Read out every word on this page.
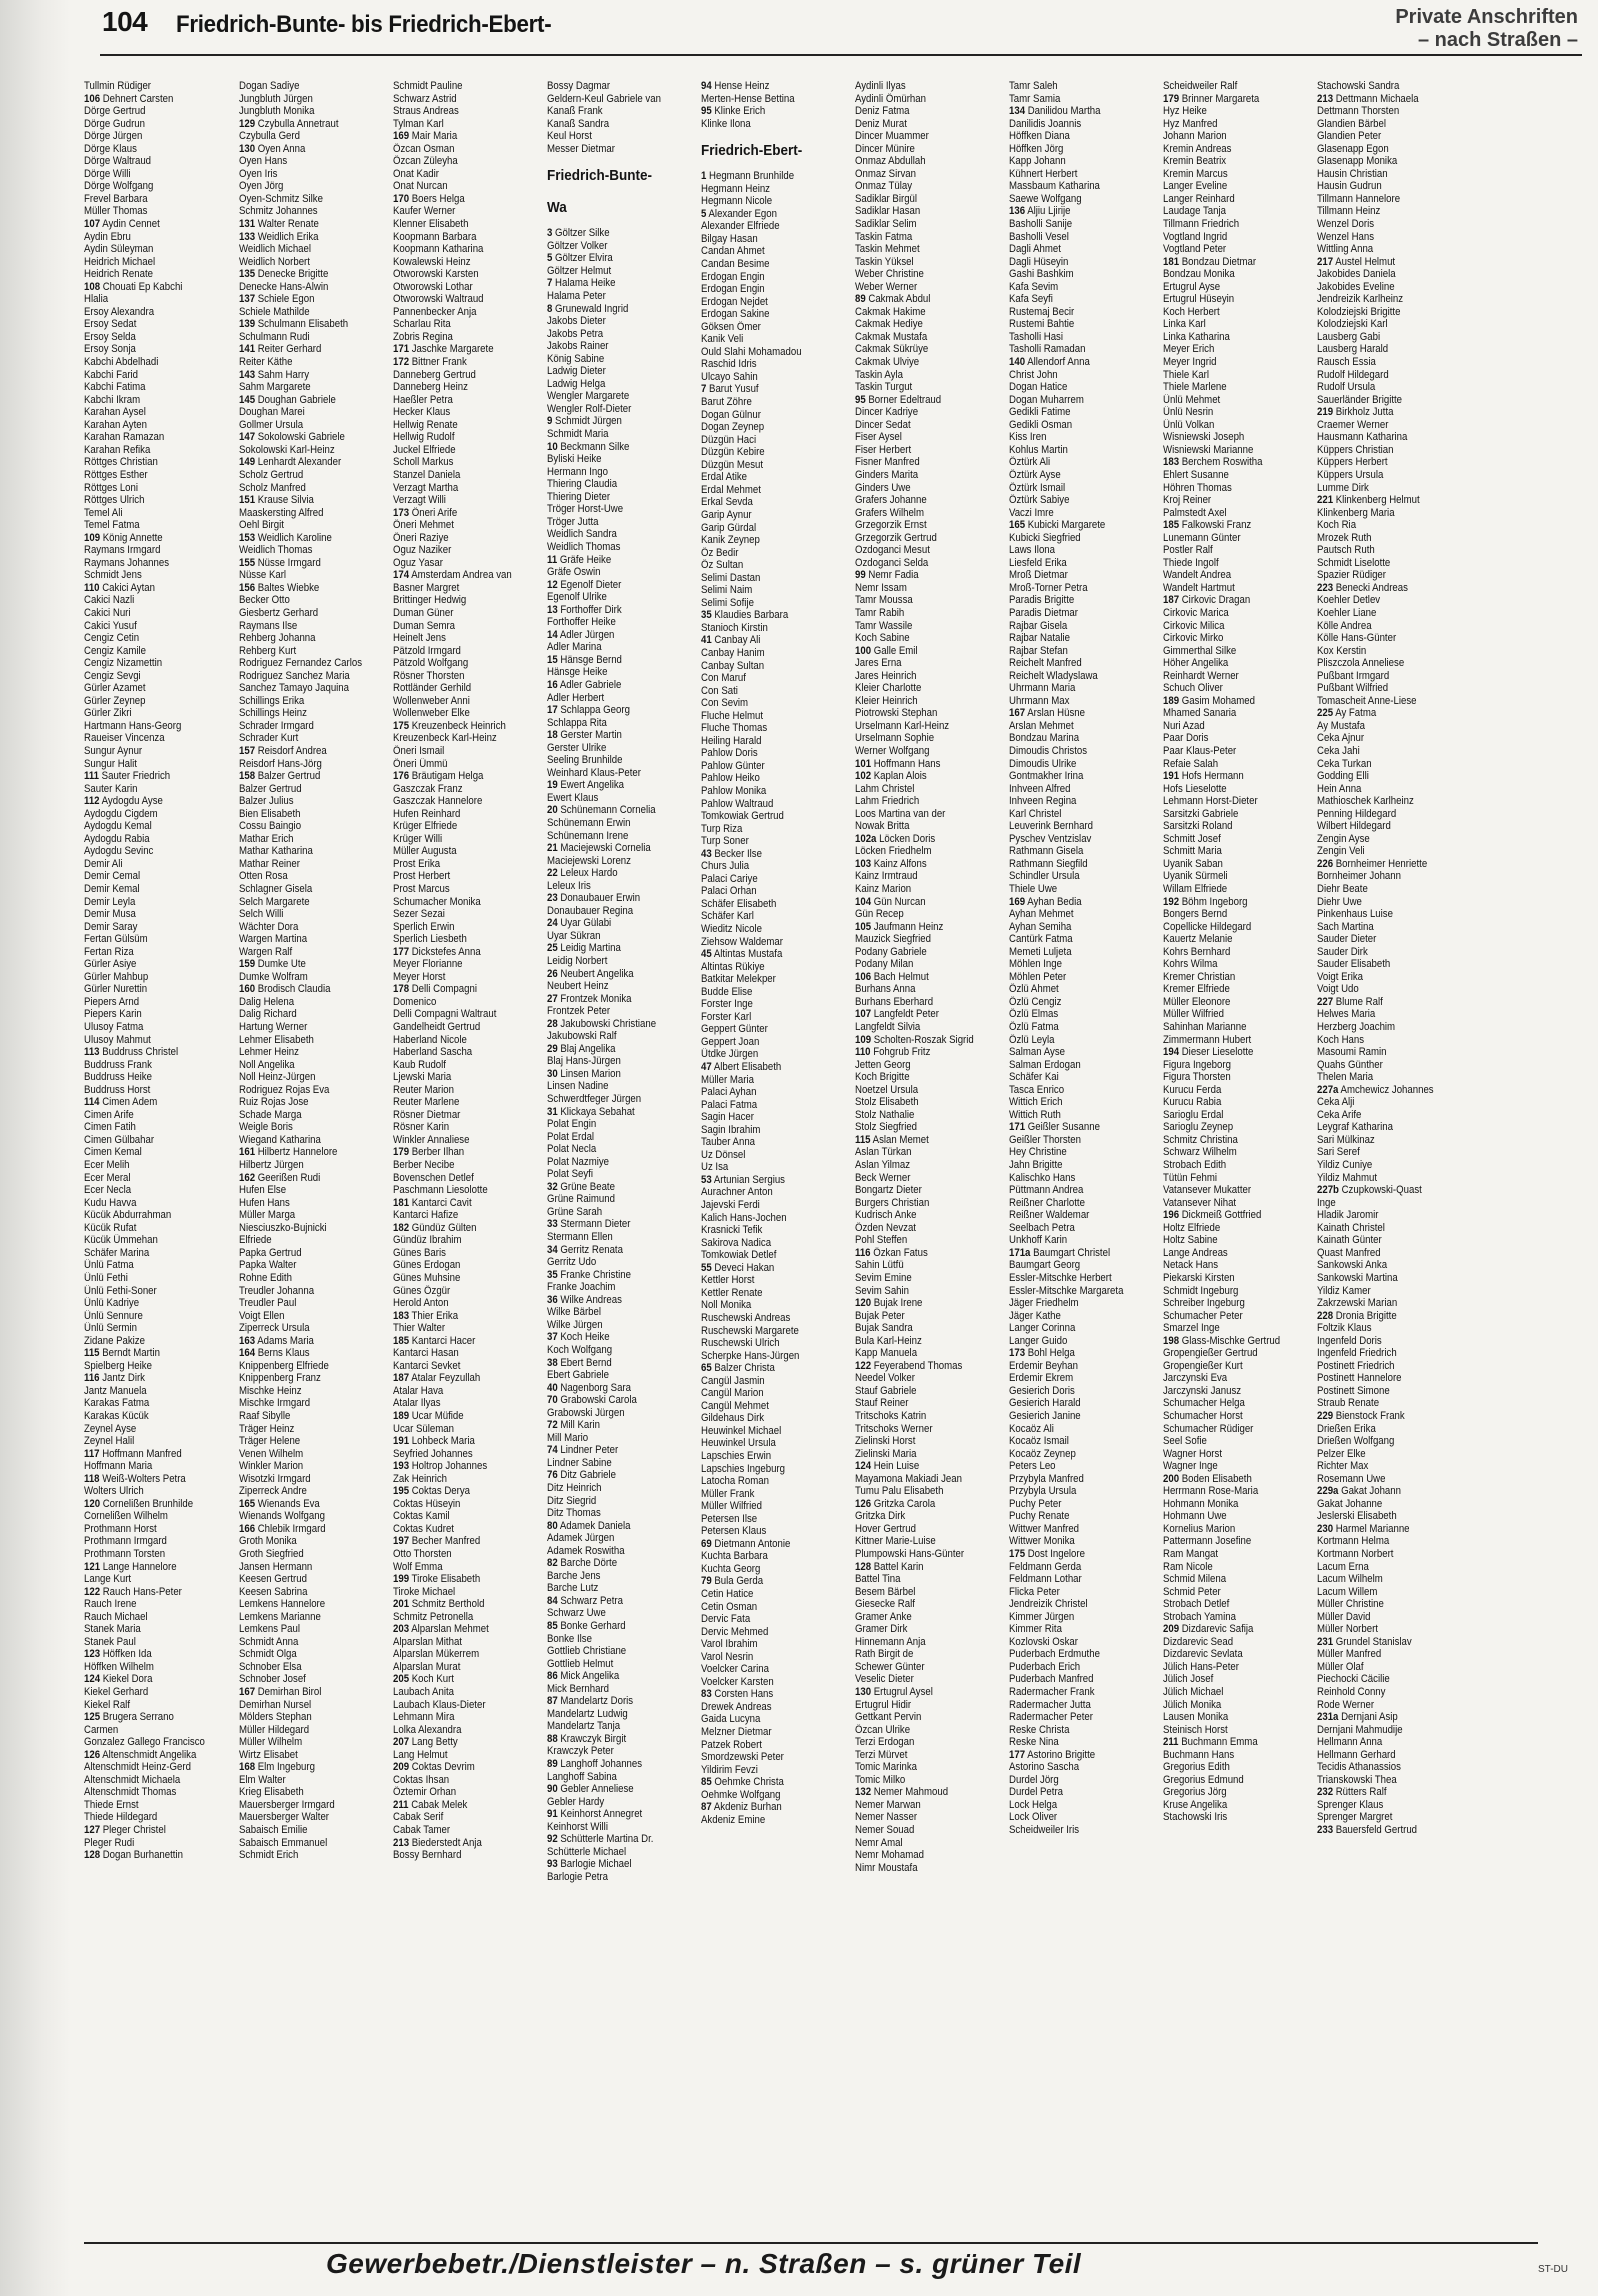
104 Friedrich-Bunte- bis Friedrich-Ebert-	Private Anschriften
– nach Straßen –
Tullmin Rüdiger
106 Dehnert Carsten
Dörge Gertrud
Dörge Gudrun
Dörge Jürgen
Dörge Klaus
Dörge Waltraud
Dörge Willi
Dörge Wolfgang
Frevel Barbara
Müller Thomas
107 Aydin Cennet
Aydin Ebru
Aydin Süleyman
Heidrich Michael
Heidrich Renate
108 Chouati Ep Kabchi
Hlalia
Ersoy Alexandra
Ersoy Sedat
Ersoy Selda
Ersoy Sonja
Kabchi Abdelhadi
Kabchi Farid
Kabchi Fatima
Kabchi Ikram
Karahan Aysel
Karahan Ayten
Karahan Ramazan
Karahan Refika
Röttges Christian
Röttges Esther
Röttges Loni
Röttges Ulrich
Temel Ali
Temel Fatma
109 König Annette
Raymans Irmgard
Raymans Johannes
Schmidt Jens
110 Cakici Aytan
Cakici Nazli
Cakici Nuri
Cakici Yusuf
Cengiz Cetin
Cengiz Kamile
Cengiz Nizamettin
Cengiz Sevgi
Gürler Azamet
Gürler Zeynep
Gürler Zikri
Hartmann Hans-Georg
Raueiser Vincenza
Sungur Aynur
Sungur Halit
111 Sauter Friedrich
Sauter Karin
112 Aydogdu Ayse
Aydogdu Cigdem
Aydogdu Kemal
Aydogdu Rabia
Aydogdu Sevinc
Demir Ali
Demir Cemal
Demir Kemal
Demir Leyla
Demir Musa
Demir Saray
Fertan Gülsüm
Fertan Riza
Gürler Asiye
Gürler Mahbup
Gürler Nurettin
Piepers Arnd
Piepers Karin
Ulusoy Fatma
Ulusoy Mahmut
113 Buddruss Christel
Buddruss Frank
Buddruss Heike
Buddruss Horst
114 Cimen Adem
Cimen Arife
Cimen Fatih
Cimen Gülbahar
Cimen Kemal
Ecer Melih
Ecer Meral
Ecer Necla
Kudu Havva
Kücük Abdurrahman
Kücük Rufat
Kücük Ümmehan
Schäfer Marina
Ünlü Fatma
Ünlü Fethi
Ünlü Fethi-Soner
Ünlü Kadriye
Ünlü Sennure
Ünlü Sermin
Zidane Pakize
115 Berndt Martin
Spielberg Heike
116 Jantz Dirk
Jantz Manuela
Karakas Fatma
Karakas Kücük
Zeynel Ayse
Zeynel Halil
117 Hoffmann Manfred
Hoffmann Maria
118 Weiß-Wolters Petra
Wolters Ulrich
120 Cornelißen Brunhilde
Cornelißen Wilhelm
Prothmann Horst
Prothmann Irmgard
Prothmann Torsten
121 Lange Hannelore
Lange Kurt
122 Rauch Hans-Peter
Rauch Irene
Rauch Michael
Stanek Maria
Stanek Paul
123 Höffken Ida
Höffken Wilhelm
124 Kiekel Dora
Kiekel Gerhard
Kiekel Ralf
125 Brugera Serrano
Carmen
Gonzalez Gallego Francisco
126 Altenschmidt Angelika
Altenschmidt Heinz-Gerd
Altenschmidt Michaela
Altenschmidt Thomas
Thiede Ernst
Thiede Hildegard
127 Pleger Christel
Pleger Rudi
128 Dogan Burhanettin
Dogan Sadiye
Jungbluth Jürgen
Jungbluth Monika
129 Czybulla Annetraut
Czybulla Gerd
130 Oyen Anna
Oyen Hans
Oyen Iris
Oyen Jörg
Oyen-Schmitz Silke
Schmitz Johannes
131 Walter Renate
133 Weidlich Erika
Weidlich Michael
Weidlich Norbert
135 Denecke Brigitte
Denecke Hans-Alwin
137 Schiele Egon
Schiele Mathilde
139 Schulmann Elisabeth
Schulmann Rudi
141 Reiter Gerhard
Reiter Käthe
143 Sahm Harry
Sahm Margarete
145 Doughan Gabriele
Doughan Marei
Gollmer Ursula
147 Sokolowski Gabriele
Sokolowski Karl-Heinz
149 Lenhardt Alexander
Scholz Gertrud
Scholz Manfred
151 Krause Silvia
Maaskersting Alfred
Oehl Birgit
153 Weidlich Karoline
Weidlich Thomas
155 Nüsse Irmgard
Nüsse Karl
156 Baltes Wiebke
Becker Otto
Giesbertz Gerhard
Raymans Ilse
Rehberg Johanna
Rehberg Kurt
Rodriguez Fernandez Carlos
Rodriguez Sanchez Maria
Sanchez Tamayo Jaquina
Schillings Erika
Schillings Heinz
Schrader Irmgard
Schrader Kurt
157 Reisdorf Andrea
Reisdorf Hans-Jörg
158 Balzer Gertrud
Balzer Gertrud
Balzer Julius
Bien Elisabeth
Cossu Baingio
Mathar Erich
Mathar Katharina
Mathar Reiner
Otten Rosa
Schlagner Gisela
Selch Margarete
Selch Willi
Wächter Dora
Wargen Martina
Wargen Ralf
159 Dumke Ute
Dumke Wolfram
160 Brodisch Claudia
Dalig Helena
Dalig Richard
Hartung Werner
Lehmer Elisabeth
Lehmer Heinz
Noll Angelika
Noll Heinz-Jürgen
Rodriguez Rojas Eva
Ruiz Rojas Jose
Schade Marga
Weigle Boris
Wiegand Katharina
161 Hilbertz Hannelore
Hilbertz Jürgen
162 Geerißen Rudi
Hufen Else
Hufen Hans
Müller Marga
Niesciuszko-Bujnicki
Elfriede
Papka Gertrud
Papka Walter
Rohne Edith
Treudler Johanna
Treudler Paul
Voigt Ellen
Ziperreck Ursula
163 Adams Maria
164 Berns Klaus
Knippenberg Elfriede
Knippenberg Franz
Mischke Heinz
Mischke Irmgard
Raaf Sibylle
Träger Heinz
Träger Helene
Venen Wilhelm
Winkler Marion
Wisotzki Irmgard
Ziperreck Andre
165 Wienands Eva
Wienands Wolfgang
166 Chlebik Irmgard
Groth Monika
Groth Siegfried
Jansen Hermann
Keesen Gertrud
Keesen Sabrina
Lemkens Hannelore
Lemkens Marianne
Lemkens Paul
Schmidt Anna
Schmidt Olga
Schnober Elsa
Schnober Josef
167 Demirhan Birol
Demirhan Nursel
Mölders Stephan
Müller Hildegard
Müller Wilhelm
Wirtz Elisabet
168 Elm Ingeburg
Elm Walter
Krieg Elisabeth
Mauersberger Irmgard
Mauersberger Walter
Sabaisch Emilie
Sabaisch Emmanuel
Schmidt Erich
Schmidt Pauline
Schwarz Astrid
Straus Andreas
Tylman Karl
169 Mair Maria
Özcan Osman
Özcan Züleyha
Onat Kadir
Onat Nurcan
170 Boers Helga
Kaufer Werner
Klenner Elisabeth
Koopmann Barbara
Koopmann Katharina
Kowalewski Heinz
Otworowski Karsten
Otworowski Lothar
Otworowski Waltraud
Pannenbecker Anja
Scharlau Rita
Zobris Regina
171 Jaschke Margarete
172 Bittner Frank
Danneberg Gertrud
Danneberg Heinz
Haeßler Petra
Hecker Klaus
Hellwig Renate
Hellwig Rudolf
Juckel Elfriede
Scholl Markus
Stanzel Daniela
Verzagt Martha
Verzagt Willi
173 Öneri Arife
Öneri Mehmet
Öneri Raziye
Oguz Naziker
Oguz Yasar
174 Amsterdam Andrea van
Basner Margret
Brittinger Hedwig
Duman Güner
Duman Semra
Heinelt Jens
Pätzold Irmgard
Pätzold Wolfgang
Rösner Thorsten
Rottländer Gerhild
Wollenweber Anni
Wollenweber Elke
175 Kreuzenbeck Heinrich
Kreuzenbeck Karl-Heinz
Öneri Ismail
Öneri Ümmü
176 Bräutigam Helga
Gaszczak Franz
Gaszczak Hannelore
Hufen Reinhard
Krüger Elfriede
Krüger Willi
Müller Augusta
Prost Erika
Prost Herbert
Prost Marcus
Schumacher Monika
Sezer Sezai
Sperlich Erwin
Sperlich Liesbeth
177 Dickstefes Anna
Meyer Florianne
Meyer Horst
178 Delli Compagni
Domenico
Delli Compagni Waltraut
Gandelheidt Gertrud
Haberland Nicole
Haberland Sascha
Kaub Rudolf
Ljewski Maria
Reuter Marion
Reuter Marlene
Rösner Dietmar
Rösner Karin
Winkler Annaliese
179 Berber Ilhan
Berber Necibe
Bovenschen Detlef
Paschmann Liesolotte
181 Kantarci Cavit
Kantarci Hafize
182 Gündüz Gülten
Gündüz Ibrahim
Günes Baris
Günes Erdogan
Günes Muhsine
Günes Özgür
Herold Anton
183 Thier Erika
Thier Walter
185 Kantarci Hacer
Kantarci Hasan
Kantarci Sevket
187 Atalar Feyzullah
Atalar Hava
Atalar Ilyas
189 Ucar Müfide
Ucar Süleman
191 Lohbeck Maria
Seyfried Johannes
193 Holtrop Johannes
Zak Heinrich
195 Coktas Derya
Coktas Hüseyin
Coktas Kamil
Coktas Kudret
197 Becher Manfred
Otto Thorsten
Wolf Emma
199 Tiroke Elisabeth
Tiroke Michael
201 Schmitz Berthold
Schmitz Petronella
203 Alparslan Mehmet
Alparslan Mithat
Alparslan Mükerrem
Alparslan Murat
205 Koch Kurt
Laubach Anita
Laubach Klaus-Dieter
Lehmann Mira
Lolka Alexandra
207 Lang Betty
Lang Helmut
209 Coktas Devrim
Coktas Ihsan
Öztemir Orhan
211 Cabak Melek
Cabak Serif
Cabak Tamer
213 Biederstedt Anja
Bossy Bernhard
Bossy Dagmar
Geldern-Keul Gabriele van
Kanaß Frank
Kanaß Sandra
Keul Horst
Messer Dietmar
Friedrich-Bunte-
Wa
3 Göltzer Silke
Göltzer Volker
5 Göltzer Elvira
Göltzer Helmut
7 Halama Heike
Halama Peter
8 Grunewald Ingrid
Jakobs Dieter
Jakobs Petra
Jakobs Rainer
König Sabine
Ladwig Dieter
Ladwig Helga
Wengler Margarete
Wengler Rolf-Dieter
9 Schmidt Jürgen
Schmidt Maria
10 Beckmann Silke
Byliski Heike
Hermann Ingo
Thiering Claudia
Thiering Dieter
Tröger Horst-Uwe
Tröger Jutta
Weidlich Sandra
Weidlich Thomas
11 Gräfe Heike
Gräfe Oswin
12 Egenolf Dieter
Egenolf Ulrike
13 Forthoffer Dirk
Forthoffer Heike
14 Adler Jürgen
Adler Marina
15 Hänsge Bernd
Hänsge Heike
16 Adler Gabriele
Adler Herbert
17 Schlappa Georg
Schlappa Rita
18 Gerster Martin
Gerster Ulrike
Seeling Brunhilde
Weinhard Klaus-Peter
19 Ewert Angelika
Ewert Klaus
20 Schünemann Cornelia
Schünemann Erwin
Schünemann Irene
21 Maciejewski Cornelia
Maciejewski Lorenz
22 Leleux Hardo
Leleux Iris
23 Donaubauer Erwin
Donaubauer Regina
24 Uyar Gülabi
Uyar Sükran
25 Leidig Martina
Leidig Norbert
26 Neubert Angelika
Neubert Heinz
27 Frontzek Monika
Frontzek Peter
28 Jakubowski Christiane
Jakubowski Ralf
29 Blaj Angelika
Blaj Hans-Jürgen
30 Linsen Marion
Linsen Nadine
Schwerdtfeger Jürgen
31 Klickaya Sebahat
Polat Engin
Polat Erdal
Polat Necla
Polat Nazmiye
Polat Seyfi
32 Grüne Beate
Grüne Raimund
Grüne Sarah
33 Stermann Dieter
Stermann Ellen
34 Gerritz Renata
Gerritz Udo
35 Franke Christine
Franke Joachim
36 Wilke Andreas
Wilke Bärbel
Wilke Jürgen
37 Koch Heike
Koch Wolfgang
38 Ebert Bernd
Ebert Gabriele
40 Nagenborg Sara
70 Grabowski Carola
Grabowski Jürgen
72 Mill Karin
Mill Mario
74 Lindner Peter
Lindner Sabine
76 Ditz Gabriele
Ditz Heinrich
Ditz Siegrid
Ditz Thomas
80 Adamek Daniela
Adamek Jürgen
Adamek Roswitha
82 Barche Dörte
Barche Jens
Barche Lutz
84 Schwarz Petra
Schwarz Uwe
85 Bonke Gerhard
Bonke Ilse
Gottlieb Christiane
Gottlieb Helmut
86 Mick Angelika
Mick Bernhard
87 Mandelartz Doris
Mandelartz Ludwig
Mandelartz Tanja
88 Krawczyk Birgit
Krawczyk Peter
89 Langhoff Johannes
Langhoff Sabina
90 Gebler Anneliese
Gebler Hardy
91 Keinhorst Annegret
Keinhorst Willi
92 Schütterle Martina Dr.
Schütterle Michael
93 Barlogie Michael
Barlogie Petra
94 Hense Heinz
Merten-Hense Bettina
95 Klinke Erich
Klinke Ilona
Friedrich-Ebert-
1 Hegmann Brunhilde
Hegmann Heinz
Hegmann Nicole
5 Alexander Egon
Alexander Elfriede
Bilgay Hasan
Candan Ahmet
Candan Besime
Erdogan Engin
Erdogan Engin
Erdogan Nejdet
Erdogan Sakine
Göksen Ömer
Kanik Veli
Ould Slahi Mohamadou
Raschid Idris
Ulcayo Sahin
7 Barut Yusuf
Barut Zöhre
Dogan Gülnur
Dogan Zeynep
Düzgün Haci
Düzgün Kebire
Düzgün Mesut
Erdal Atike
Erdal Mehmet
Erkal Sevda
Garip Aynur
Garip Gürdal
Kanik Zeynep
Öz Bedir
Öz Sultan
Selimi Dastan
Selimi Naim
Selimi Sofije
35 Klaudies Barbara
Stanioch Kirstin
41 Canbay Ali
Canbay Hanim
Canbay Sultan
Con Maruf
Con Sati
Con Sevim
Fluche Helmut
Fluche Thomas
Heiling Harald
Pahlow Doris
Pahlow Günter
Pahlow Heiko
Pahlow Monika
Pahlow Waltraud
Tomkowiak Gertrud
Turp Riza
Turp Soner
43 Becker Ilse
Churs Julia
Palaci Cariye
Palaci Orhan
Schäfer Elisabeth
Schäfer Karl
Wieditz Nicole
Ziehsow Waldemar
45 Altintas Mustafa
Altintas Rükiye
Batkitar Melekper
Budde Elise
Forster Inge
Forster Karl
Geppert Günter
Geppert Joan
Ütdke Jürgen
47 Albert Elisabeth
Müller Maria
Palaci Ayhan
Palaci Fatma
Sagin Hacer
Sagin Ibrahim
Tauber Anna
Uz Dönsel
Uz Isa
53 Artunian Sergius
Aurachner Anton
Jajevski Ferdi
Kalich Hans-Jochen
Krasnicki Tefik
Sakirova Nadica
Tomkowiak Detlef
55 Deveci Hakan
Kettler Horst
Kettler Renate
Noll Monika
Ruschewski Andreas
Ruschewski Margarete
Ruschewski Ulrich
Scherpke Hans-Jürgen
65 Balzer Christa
Cangül Jasmin
Cangül Marion
Cangül Mehmet
Gildehaus Dirk
Heuwinkel Michael
Heuwinkel Ursula
Lapschies Erwin
Lapschies Ingeburg
Latocha Roman
Müller Frank
Müller Wilfried
Petersen Ilse
Petersen Klaus
69 Dietmann Antonie
Kuchta Barbara
Kuchta Georg
79 Bula Gerda
Cetin Hatice
Cetin Osman
Dervic Fata
Dervic Mehmed
Varol Ibrahim
Varol Nesrin
Voelcker Carina
Voelcker Karsten
83 Corsten Hans
Drewek Andreas
Gaida Lucyna
Melzner Dietmar
Patzek Robert
Smordzewski Peter
Yildirim Fevzi
85 Oehmke Christa
Oehmke Wolfgang
87 Akdeniz Burhan
Akdeniz Emine
Aydinli Ilyas
Aydinli Ömürhan
Deniz Fatma
Deniz Murat
Dincer Muammer
Dincer Münire
Onmaz Abdullah
Onmaz Sirvan
Onmaz Tülay
Sadiklar Birgül
Sadiklar Hasan
Sadiklar Selim
Taskin Fatma
Taskin Mehmet
Taskin Yüksel
Weber Christine
Weber Werner
89 Cakmak Abdul
Cakmak Hakime
Cakmak Hediye
Cakmak Mustafa
Cakmak Sükrüye
Cakmak Ulviye
Taskin Ayla
Taskin Turgut
95 Borner Edeltraud
Dincer Kadriye
Dincer Sedat
Fiser Aysel
Fiser Herbert
Fisner Manfred
Ginders Marita
Ginders Uwe
Grafers Johanne
Grafers Wilhelm
Grzegorzik Ernst
Grzegorzik Gertrud
Ozdoganci Mesut
Ozdoganci Selda
99 Nemr Fadia
Nemr Issam
Tamr Moussa
Tamr Rabih
Tamr Wassile
Koch Sabine
100 Galle Emil
Jares Erna
Jares Heinrich
Kleier Charlotte
Kleier Heinrich
Piotrowski Stephan
Urselmann Karl-Heinz
Urselmann Sophie
Werner Wolfgang
101 Hoffmann Hans
102 Kaplan Alois
Lahm Christel
Lahm Friedrich
Loos Martina van der
Nowak Britta
102a Löcken Doris
Löcken Friedhelm
103 Kainz Alfons
Kainz Irmtraud
Kainz Marion
104 Gün Nurcan
Gün Recep
105 Jaufmann Heinz
Mauzick Siegfried
Podany Gabriele
Podany Milan
106 Bach Helmut
Burhans Anna
Burhans Eberhard
107 Langfeldt Peter
Langfeldt Silvia
109 Scholten-Roszak Sigrid
110 Fohgrub Fritz
Jetten Georg
Koch Brigitte
Noetzel Ursula
Stolz Elisabeth
Stolz Nathalie
Stolz Siegfried
115 Aslan Memet
Aslan Türkan
Aslan Yilmaz
Beck Werner
Bongartz Dieter
Burgers Christian
Kudrisch Anke
Özden Nevzat
Pohl Steffen
116 Özkan Fatus
Sahin Lütfü
Sevim Emine
Sevim Sahin
120 Bujak Irene
Bujak Peter
Bujak Sandra
Bula Karl-Heinz
Kapp Manuela
122 Feyerabend Thomas
Needel Volker
Stauf Gabriele
Stauf Reiner
Tritschoks Katrin
Tritschoks Werner
Zielinski Horst
Zielinski Maria
124 Hein Luise
Mayamona Makiadi Jean
Tumu Palu Elisabeth
126 Gritzka Carola
Gritzka Dirk
Hover Gertrud
Kittner Marie-Luise
Plumpowski Hans-Günter
128 Battel Karin
Battel Tina
Besem Bärbel
Giesecke Ralf
Gramer Anke
Gramer Dirk
Hinnemann Anja
Rath Birgit de
Schewer Günter
Veselic Dieter
130 Ertugrul Aysel
Ertugrul Hidir
Gettkant Pervin
Özcan Ulrike
Terzi Erdogan
Terzi Mürvet
Tomic Marinka
Tomic Milko
132 Nemer Mahmoud
Nemer Marwan
Nemer Nasser
Nemer Souad
Nemr Amal
Nemr Mohamad
Nimr Moustafa
Tamr Saleh
Tamr Samia
134 Danilidou Martha
Danilidis Joannis
Höffken Diana
Höffken Jörg
Kapp Johann
Kühnert Herbert
Massbaum Katharina
Saewe Wolfgang
136 Aljiu Ljirije
Basholli Sanije
Basholli Vesel
Dagli Ahmet
Dagli Hüseyin
Gashi Bashkim
Kafa Sevim
Kafa Seyfi
Rustemaj Becir
Rustemi Bahtie
Tasholli Hasi
Tasholli Ramadan
140 Allendorf Anna
Christ John
Dogan Hatice
Dogan Muharrem
Gedikli Fatime
Gedikli Osman
Kiss Iren
Kohlus Martin
Öztürk Ali
Öztürk Ayse
Öztürk Ismail
Öztürk Sabiye
Vaczi Imre
165 Kubicki Margarete
Kubicki Siegfried
Laws Ilona
Liesfeld Erika
Mroß Dietmar
Mroß-Torner Petra
Paradis Brigitte
Paradis Dietmar
Rajbar Gisela
Rajbar Natalie
Rajbar Stefan
Reichelt Manfred
Reichelt Wladyslawa
Uhrmann Maria
Uhrmann Max
167 Arslan Hüsne
Arslan Mehmet
Bondzau Marina
Dimoudis Christos
Dimoudis Ulrike
Gontmakher Irina
Inhveen Alfred
Inhveen Regina
Karl Christel
Leuverink Bernhard
Pyschev Ventzislav
Rathmann Gisela
Rathmann Siegfild
Schindler Ursula
Thiele Uwe
169 Ayhan Bedia
Ayhan Mehmet
Ayhan Semiha
Cantürk Fatma
Memeti Luljeta
Möhlen Inge
Möhlen Peter
Özlü Ahmet
Özlü Cengiz
Özlü Elmas
Özlü Fatma
Özlü Leyla
Salman Ayse
Salman Erdogan
Schäfer Kai
Tasca Enrico
Wittich Erich
Wittich Ruth
171 Geißler Susanne
Geißler Thorsten
Hey Christine
Jahn Brigitte
Kalischko Hans
Püttmann Andrea
Reißner Charlotte
Reißner Waldemar
Seelbach Petra
Unkhoff Karin
171a Baumgart Christel
Baumgart Georg
Essler-Mitschke Herbert
Essler-Mitschke Margareta
Jäger Friedhelm
Jäger Kathe
Langer Corinna
Langer Guido
173 Bohl Helga
Erdemir Beyhan
Erdemir Ekrem
Gesierich Doris
Gesierich Harald
Gesierich Janine
Kocaöz Ali
Kocaöz Ismail
Kocaöz Zeynep
Peters Leo
Przybyla Manfred
Przybyla Ursula
Puchy Peter
Puchy Renate
Wittwer Manfred
Wittwer Monika
175 Dost Ingelore
Feldmann Gerda
Feldmann Lothar
Flicka Peter
Jendreizik Christel
Kimmer Jürgen
Kimmer Rita
Kozlovski Oskar
Puderbach Erdmuthe
Puderbach Erich
Puderbach Manfred
Radermacher Frank
Radermacher Jutta
Radermacher Peter
Reske Christa
Reske Nina
177 Astorino Brigitte
Astorino Sascha
Durdel Jörg
Durdel Petra
Lock Helga
Lock Oliver
Scheidweiler Iris
Scheidweiler Ralf
179 Brinner Margareta
Hyz Heike
Hyz Manfred
Johann Marion
Kremin Andreas
Kremin Beatrix
Kremin Marcus
Langer Eveline
Langer Reinhard
Laudage Tanja
Tillmann Friedrich
Vogtland Ingrid
Vogtland Peter
181 Bondzau Dietmar
Bondzau Monika
Ertugrul Ayse
Ertugrul Hüseyin
Koch Herbert
Linka Karl
Linka Katharina
Meyer Erich
Meyer Ingrid
Thiele Karl
Thiele Marlene
Ünlü Mehmet
Ünlü Nesrin
Ünlü Volkan
Wisniewski Joseph
Wisniewski Marianne
183 Berchem Roswitha
Ehlert Susanne
Höhren Thomas
Kroj Reiner
Palmstedt Axel
185 Falkowski Franz
Lunemann Günter
Postler Ralf
Thiede Ingolf
Wandelt Andrea
Wandelt Hartmut
187 Cirkovic Dragan
Cirkovic Marica
Cirkovic Milica
Cirkovic Mirko
Gimmerthal Silke
Höher Angelika
Reinhardt Werner
Schuch Oliver
189 Gasim Mohamed
Mhamed Sanaria
Nuri Azad
Paar Doris
Paar Klaus-Peter
Refaie Salah
191 Hofs Hermann
Hofs Lieselotte
Lehmann Horst-Dieter
Sarsitzki Gabriele
Sarsitzki Roland
Schmitt Josef
Schmitt Maria
Uyanik Saban
Uyanik Sürmeli
Willam Elfriede
192 Böhm Ingeborg
Bongers Bernd
Copellicke Hildegard
Kauertz Melanie
Kohrs Bernhard
Kohrs Wilma
Kremer Christian
Kremer Elfriede
Müller Eleonore
Müller Wilfried
Sahinhan Marianne
Zimmermann Hubert
194 Dieser Lieselotte
Figura Ingeborg
Figura Thorsten
Kurucu Ferda
Kurucu Rabia
Sarioglu Erdal
Sarioglu Zeynep
Schmitz Christina
Schwarz Wilhelm
Strobach Edith
Tütün Fehmi
Vatansever Mukatter
Vatansever Nihat
196 Dickmeiß Gottfried
Holtz Elfriede
Holtz Sabine
Lange Andreas
Netack Hans
Piekarski Kirsten
Schmidt Ingeburg
Schreiber Ingeburg
Schumacher Peter
Smarzel Inge
198 Glass-Mischke Gertrud
Gropengießer Gertrud
Gropengießer Kurt
Jarczynski Eva
Jarczynski Janusz
Schumacher Helga
Schumacher Horst
Schumacher Rüdiger
Seel Sofie
Wagner Horst
Wagner Inge
200 Boden Elisabeth
Herrmann Rose-Maria
Hohmann Monika
Hohmann Uwe
Kornelius Marion
Pattermann Josefine
Ram Mangat
Ram Nicole
Schmid Milena
Schmid Peter
Strobach Detlef
Strobach Yamina
209 Dizdarevic Safija
Dizdarevic Sead
Dizdarevic Sevlata
Jülich Hans-Peter
Jülich Josef
Jülich Michael
Jülich Monika
Lausen Monika
Steinisch Horst
211 Buchmann Emma
Buchmann Hans
Gregorius Edith
Gregorius Edmund
Gregorius Jörg
Kruse Angelika
Stachowski Iris
Stachowski Sandra
213 Dettmann Michaela
Dettmann Thorsten
Glandien Bärbel
Glandien Peter
Glasenapp Egon
Glasenapp Monika
Hausin Christian
Hausin Gudrun
Tillmann Hannelore
Tillmann Heinz
Wenzel Doris
Wenzel Hans
Wittling Anna
217 Austel Helmut
Jakobides Daniela
Jakobides Eveline
Jendreizik Karlheinz
Kolodziejski Brigitte
Kolodziejski Karl
Lausberg Gabi
Lausberg Harald
Rausch Essia
Rudolf Hildegard
Rudolf Ursula
Sauerländer Brigitte
219 Birkholz Jutta
Craemer Werner
Hausmann Katharina
Küppers Christian
Küppers Herbert
Küppers Ursula
Lumme Dirk
221 Klinkenberg Helmut
Klinkenberg Maria
Koch Ria
Mrozek Ruth
Pautsch Ruth
Schmidt Liselotte
Spazier Rüdiger
223 Benecki Andreas
Koehler Detlev
Koehler Liane
Kölle Andrea
Kölle Hans-Günter
Kox Kerstin
Pliszczola Anneliese
Pußbant Irmgard
Pußbant Wilfried
Tomascheit Anne-Liese
225 Ay Fatma
Ay Mustafa
Ceka Ajnur
Ceka Jahi
Ceka Turkan
Godding Elli
Hein Anna
Mathioschek Karlheinz
Penning Hildegard
Wilbert Hildegard
Zengin Ayse
Zengin Veli
226 Bornheimer Henriette
Bornheimer Johann
Diehr Beate
Diehr Uwe
Pinkenhaus Luise
Sach Martina
Sauder Dieter
Sauder Dirk
Sauder Elisabeth
Voigt Erika
Voigt Udo
227 Blume Ralf
Helwes Maria
Herzberg Joachim
Koch Hans
Masoumi Ramin
Quahs Günther
Thelen Maria
227a Amchewicz Johannes
Ceka Alji
Ceka Arife
Leygraf Katharina
Sari Mülkinaz
Sari Seref
Yildiz Cuniye
Yildiz Mahmut
227b Czupkowski-Quast
Inge
Hladik Jaromir
Kainath Christel
Kainath Günter
Quast Manfred
Sankowski Anka
Sankowski Martina
Yildiz Kamer
Zakrzewski Marian
228 Dronia Brigitte
Foltzik Klaus
Ingenfeld Doris
Ingenfeld Friedrich
Postinett Friedrich
Postinett Hannelore
Postinett Simone
Straub Renate
229 Bienstock Frank
Drießen Erika
Drießen Wolfgang
Pelzer Elke
Richter Max
Rosemann Uwe
229a Gakat Johann
Gakat Johanne
Jeslerski Elisabeth
230 Harmel Marianne
Kortmann Helma
Kortmann Norbert
Lacum Erna
Lacum Wilhelm
Lacum Willem
Müller Christine
Müller David
Müller Norbert
231 Grundel Stanislav
Müller Manfred
Müller Olaf
Piechocki Cäcilie
Reinhold Conny
Rode Werner
231a Dernjani Asip
Dernjani Mahmudije
Hellmann Anna
Hellmann Gerhard
Tecidis Athanassios
Trianskowski Thea
232 Rütters Ralf
Sprenger Klaus
Sprenger Margret
233 Bauersfeld Gertrud
Gewerbebetr./Dienstleister – n. Straßen – s. grüner Teil	ST-DU
